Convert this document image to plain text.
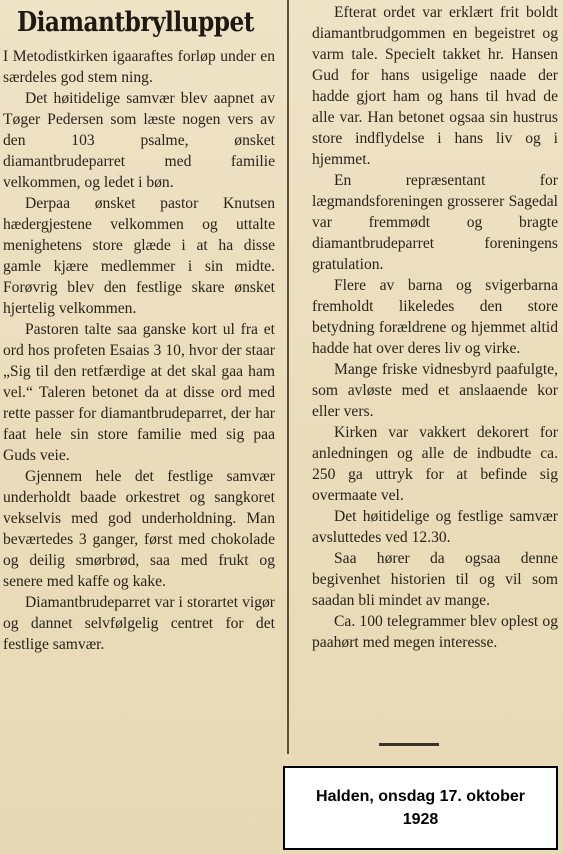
Diamantbrylluppet

I Metodistkirken igaaraftes forløp under en særdeles god stem ning.

Det høitidelige samvær blev aapnet av Tøger Pedersen som læste nogen vers av den 103 psalme, ønsket diamantbrudeparret med familie velkommen, og ledet i bøn.

Derpaa ønsket pastor Knutsen hædergjestene velkommen og uttalte menighetens store glæde i at ha disse gamle kjære medlemmer i sin midte. Forøvrig blev den festlige skare ønsket hjertelig velkommen.

Pastoren talte saa ganske kort ul fra et ord hos profeten Esaias 3 10, hvor der staar „Sig til den retfærdige at det skal gaa ham vel.“ Taleren betonet da at disse ord med rette passer for diamantbrudeparret, der har faat hele sin store familie med sig paa Guds veie.

Gjennem hele det festlige samvær underholdt baade orkestret og sangkoret vekselvis med god underholdning. Man beværtedes 3 ganger, først med chokolade og deilig smørbrød, saa med frukt og senere med kaffe og kake.

Diamantbrudeparret var i storartet vigør og dannet selvfølgelig centret for det festlige samvær.

Efterat ordet var erklært frit boldt diamantbrudgommen en begeistret og varm tale. Specielt takket hr. Hansen Gud for hans usigelige naade der hadde gjort ham og hans til hvad de alle var. Han betonet ogsaa sin hustrus store indflydelse i hans liv og i hjemmet.

En repræsentant for lægmandsforeningen grosserer Sagedal var fremmødt og bragte diamantbrudeparret foreningens gratulation.

Flere av barna og svigerbarna fremholdt likeledes den store betydning forældrene og hjemmet altid hadde hat over deres liv og virke.

Mange friske vidnesbyrd paafulgte, som avløste med et anslaaende kor eller vers.

Kirken var vakkert dekorert for anledningen og alle de indbudte ca. 250 ga uttryk for at befinde sig overmaate vel.

Det høitidelige og festlige samvær avsluttedes ved 12.30.

Saa hører da ogsaa denne begivenhet historien til og vil som saadan bli mindet av mange.

Ca. 100 telegrammer blev oplest og paahørt med megen interesse.

Halden, onsdag 17. oktober
1928
